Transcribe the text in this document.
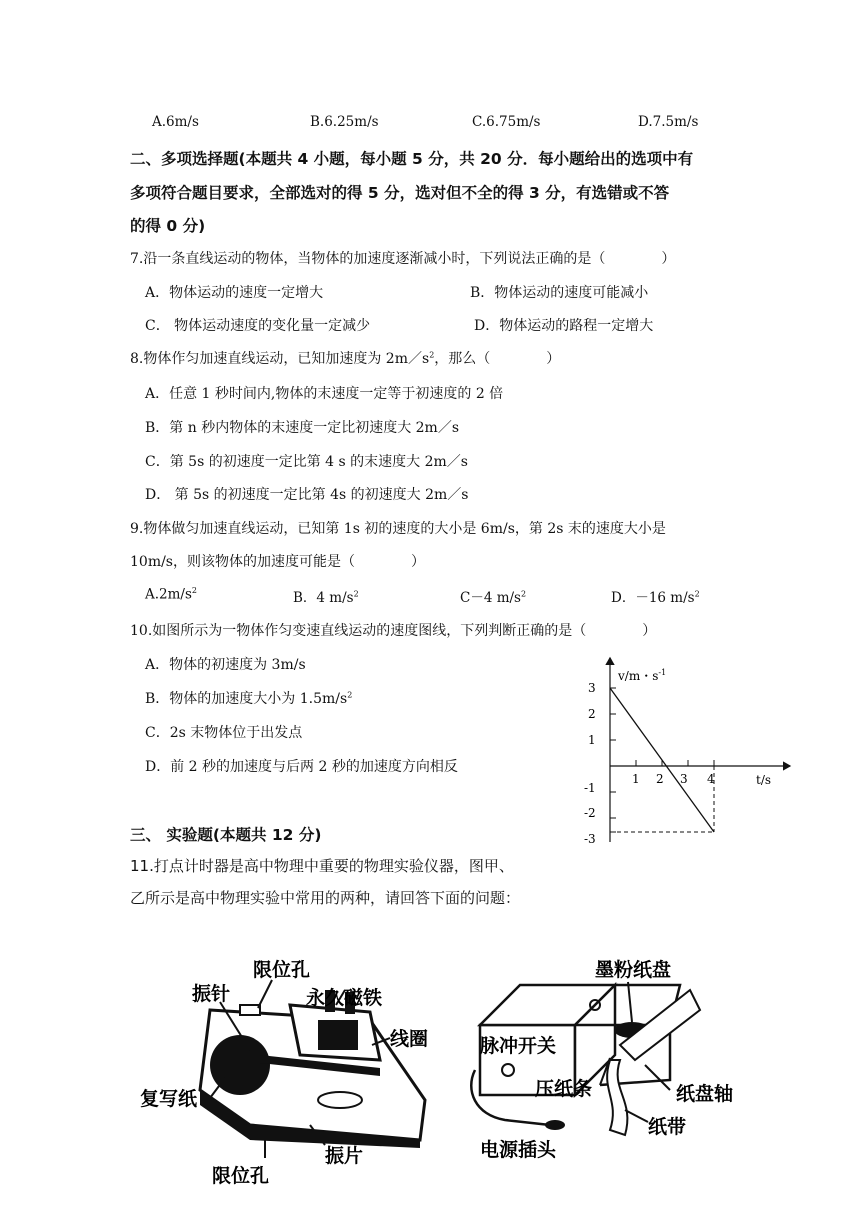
A.6m/s	B.6.25m/s	C.6.75m/s	D.7.5m/s
二、多项选择题(本题共 4 小题，每小题 5 分，共 20 分．每小题给出的选项中有
多项符合题目要求，全部选对的得 5 分，选对但不全的得 3 分，有选错或不答
的得 0 分)
7.沿一条直线运动的物体，当物体的加速度逐渐减小时，下列说法正确的是（　　　　）
A．物体运动的速度一定增大	B．物体运动的速度可能减小
C． 物体运动速度的变化量一定减少	D．物体运动的路程一定增大
8.物体作匀加速直线运动，已知加速度为 $2m/s^2$，那么（　　　　）
A．任意 1 秒时间内,物体的末速度一定等于初速度的 2 倍
B．第 n 秒内物体的末速度一定比初速度大 2m／s
C．第 5s 的初速度一定比第 4 s 的末速度大 2m／s
D． 第 5s 的初速度一定比第 4s 的初速度大 2m／s
9.物体做匀加速直线运动，已知第 1s 初的速度的大小是 6m/s，第 2s 末的速度大小是
10m/s，则该物体的加速度可能是（　　　　）
$A.2m/s^2$	B．4 $m/s^2$	C－4 $m/s^2$	D．－16 $m/s^2$
10.如图所示为一物体作匀变速直线运动的速度图线，下列判断正确的是（　　　　）
A．物体的初速度为 3m/s
B．物体的加速度大小为 $1.5m/s^2$
C．2s 末物体位于出发点
D．前 2 秒的加速度与后两 2 秒的加速度方向相反
v/m・$s^{-1}$
t/s
3
2
1
-1
-2
-3
1 2 3 4
三、 实验题(本题共 12 分)
11.打点计时器是高中物理中重要的物理实验仪器，图甲、
乙所示是高中物理实验中常用的两种，请回答下面的问题：
限位孔
振针	永久磁铁
线圈
复写纸
振片
限位孔
墨粉纸盘
脉冲开关
压纸条	纸盘轴
纸带
电源插头
